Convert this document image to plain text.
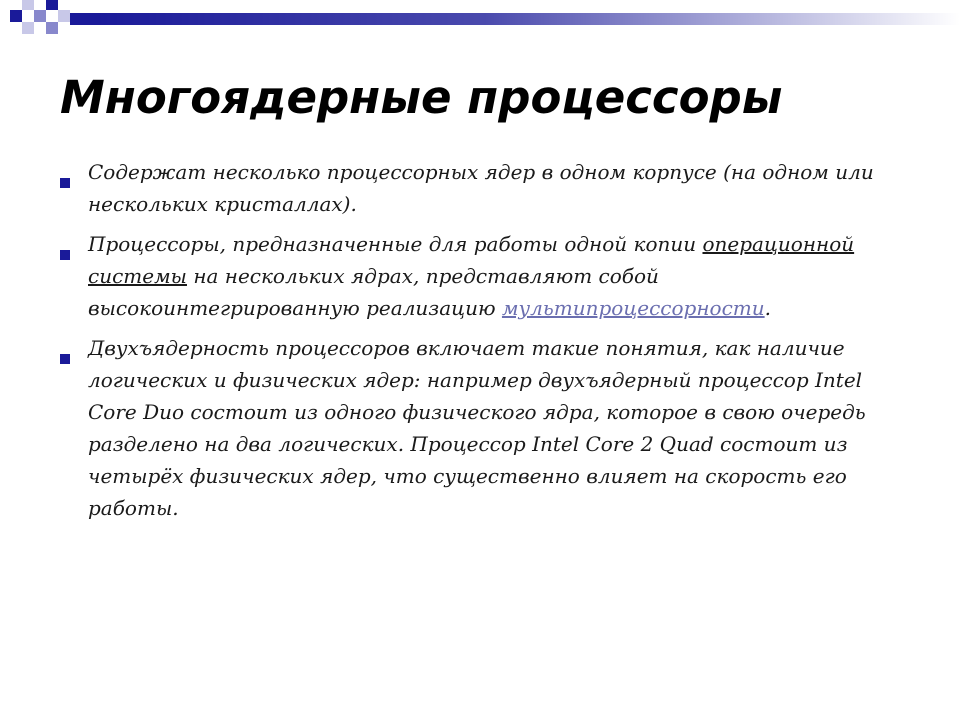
Многоядерные процессоры
Содержат несколько процессорных ядер в одном корпусе (на одном или нескольких кристаллах).
Процессоры, предназначенные для работы одной копии операционной системы на нескольких ядрах, представляют собой высокоинтегрированную реализацию мультипроцессорности.
Двухъядерность процессоров включает такие понятия, как наличие логических и физических ядер: например двухъядерный процессор Intel Core Duo состоит из одного физического ядра, которое в свою очередь разделено на два логических. Процессор Intel Core 2 Quad состоит из четырёх физических ядер, что существенно влияет на скорость его работы.
